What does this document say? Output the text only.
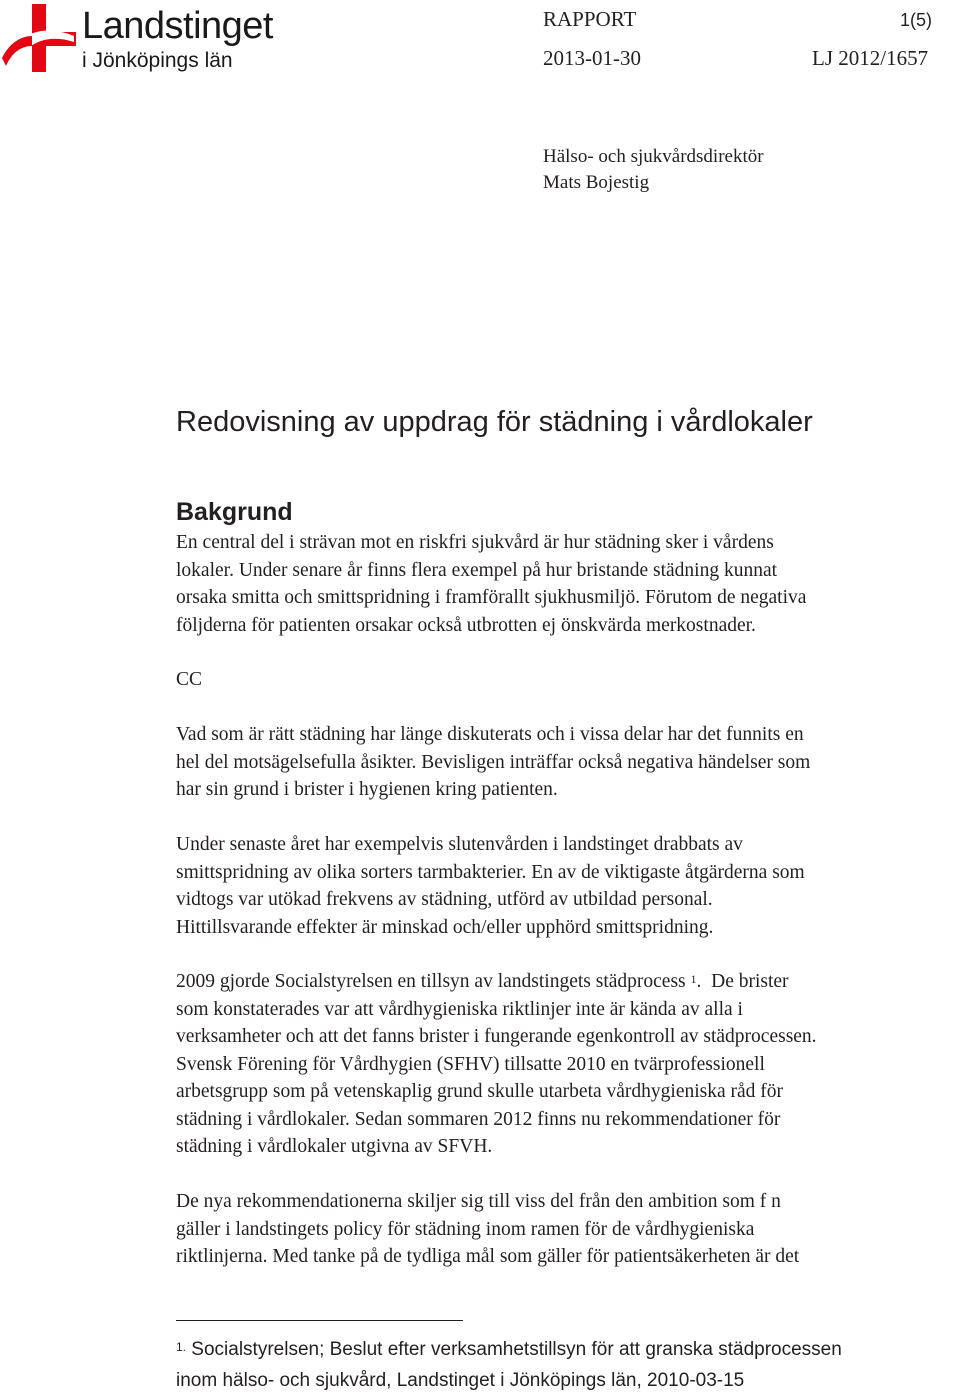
Landstinget
i Jönköpings län
RAPPORT	1(5)
2013-01-30	LJ 2012/1657
Hälso- och sjukvårdsdirektör
Mats Bojestig
Redovisning av uppdrag för städning i vårdlokaler
Bakgrund
En central del i strävan mot en riskfri sjukvård är hur städning sker i vårdens
lokaler. Under senare år finns flera exempel på hur bristande städning kunnat
orsaka smitta och smittspridning i framförallt sjukhusmiljö. Förutom de negativa
följderna för patienten orsakar också utbrotten ej önskvärda merkostnader.
CC
Vad som är rätt städning har länge diskuterats och i vissa delar har det funnits en
hel del motsägelsefulla åsikter. Bevisligen inträffar också negativa händelser som
har sin grund i brister i hygienen kring patienten.
Under senaste året har exempelvis slutenvården i landstinget drabbats av
smittspridning av olika sorters tarmbakterier. En av de viktigaste åtgärderna som
vidtogs var utökad frekvens av städning, utförd av utbildad personal.
Hittillsvarande effekter är minskad och/eller upphörd smittspridning.
2009 gjorde Socialstyrelsen en tillsyn av landstingets städprocess $^1$.  De brister
som konstaterades var att vårdhygieniska riktlinjer inte är kända av alla i
verksamheter och att det fanns brister i fungerande egenkontroll av städprocessen.
Svensk Förening för Vårdhygien (SFHV) tillsatte 2010 en tvärprofessionell
arbetsgrupp som på vetenskaplig grund skulle utarbeta vårdhygieniska råd för
städning i vårdlokaler. Sedan sommaren 2012 finns nu rekommendationer för
städning i vårdlokaler utgivna av SFVH.
De nya rekommendationerna skiljer sig till viss del från den ambition som f n
gäller i landstingets policy för städning inom ramen för de vårdhygieniska
riktlinjerna. Med tanke på de tydliga mål som gäller för patientsäkerheten är det
$^{1.}$ Socialstyrelsen; Beslut efter verksamhetstillsyn för att granska städprocessen
inom hälso- och sjukvård, Landstinget i Jönköpings län, 2010-03-15
